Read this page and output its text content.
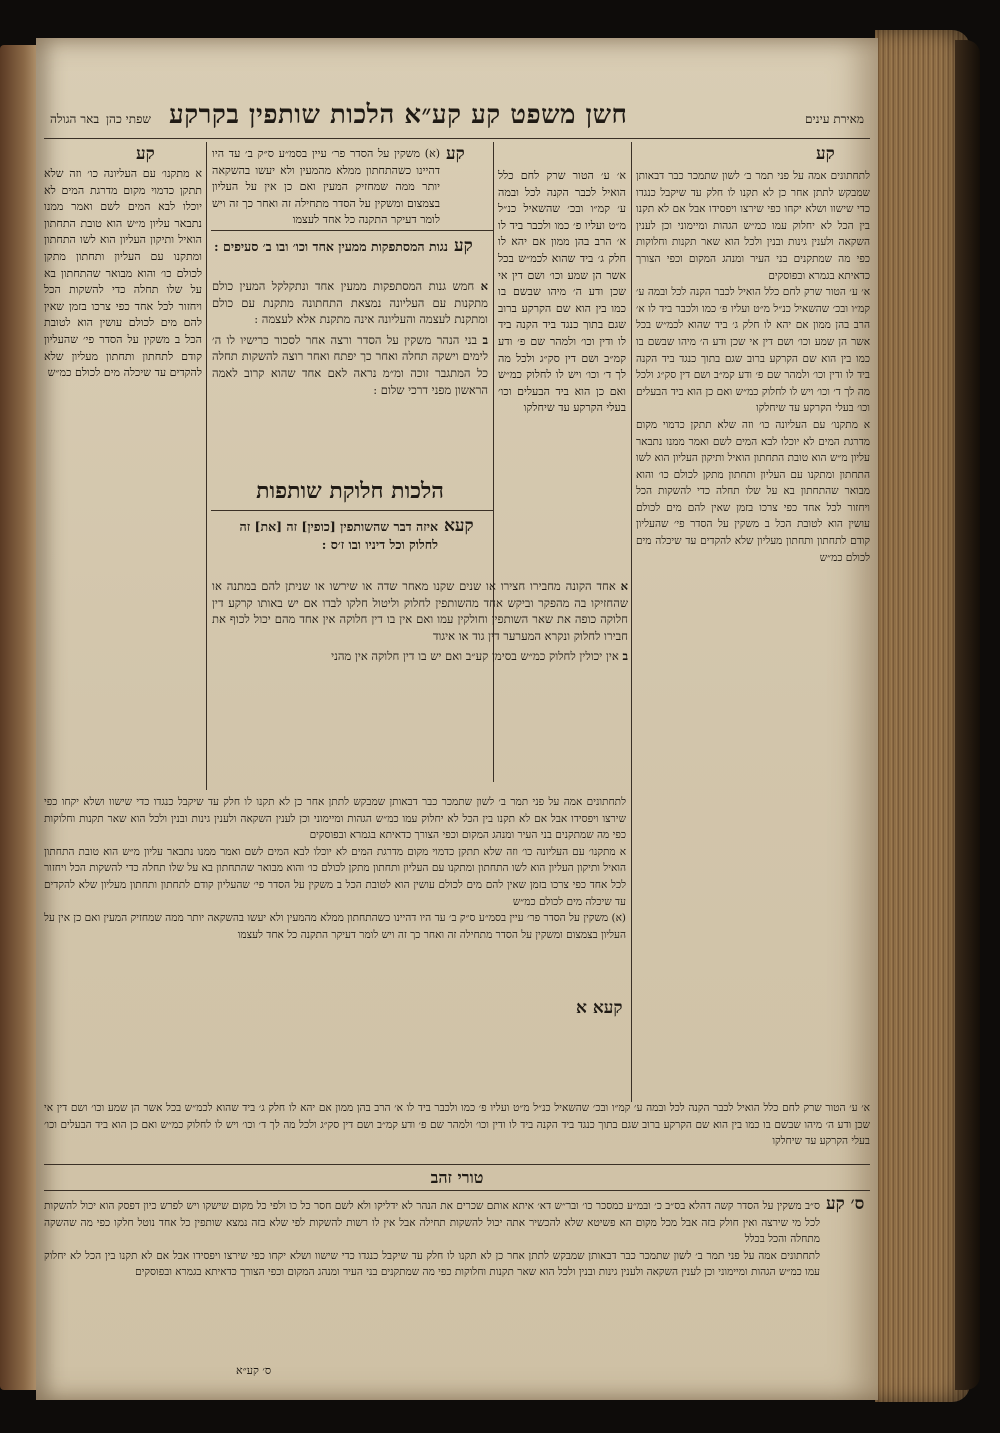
באר הגולה שפתי כהן חשן משפט קע קע״א הלכות שותפין בקרקע	מאירת עינים
קע

א מתקנו׳ עם העליונה כו׳ וזה שלא תתקן כדמוי מקום מדרגת המים לא יוכלו לבא המים לשם ואמר ממנו נתבאר עליון מ״ש הוא טובת התחתון הואיל ותיקון העליון הוא לשו התחתון ומתקנו עם העליון ותחתון מתקן לכולם כו׳ והוא מבואר שהתחתון בא על שלו תחלה כדי להשקות הכל ויחזור לכל אחד כפי צרכו בזמן שאין להם מים לכולם עושין הוא לטובת הכל ב משקין על הסדר פי׳ שהעליון קודם לתחתון ותחתון מעליון שלא להקדים עד שיכלה מים לכולם כמ״ש

קע

(א) משקין על הסדר פר׳ עיין בסמ״ע ס״ק ב׳ עד היו דהיינו כשהתחתון ממלא מהמעין ולא יעשו בהשקאה יותר ממה שמחזיק המעין ואם כן אין על העליון בצמצום ומשקין על הסדר מתחילה זה ואחר כך זה ויש לומר דעיקר התקנה כל אחד לעצמו

קע
נגות המסתפקות ממעין אחד וכו׳ ובו ב׳ סעיפים :

א חמש גנות המסתפקות ממעין אחד ונתקלקל המעין כולם מתקנות עם העליונה נמצאת התחתונה מתקנת עם כולם ומתקנת לעצמה והעליונה אינה מתקנת אלא לעצמה :

ב בני הנהר משקין על הסדר ורצה אחר לסכור כרישיו לו ה׳ לימים וישקה תחלה ואחר כך יפתח ואחר רוצה להשקות תחלה כל המתגבר זוכה ומ״מ נראה לאם אחד שהוא קרוב לאמה הראשון מפני דרכי שלום :

הלכות חלוקת שותפות
קעא
איזה דבר שהשותפין [כופין] זה [את] זה לחלוק וכל דיניו ובו ז׳ס :

א אחד הקונה מחבירו חצירו או שנים שקנו מאחר שדה או שירשו או שניתן להם במתנה או שהחזיקו בה מהפקר וביקש אחד מהשותפין לחלוק וליטול חלקו לבדו אם יש באותו קרקע דין חלוקה כופה את שאר השותפין וחולקין עמו ואם אין בו דין חלוקה אין אחד מהם יכול לכוף את חבירו לחלוק ונקרא המערער דין גוד או איגוד

ב אין יכולין לחלוק כמ״ש בסימן קע״ב ואם יש בו דין חלוקה אין מהני

קע

א׳ ע׳ הטור שרק לחם כלל הואיל לכבר הקנה לכל ובמה ע׳ קמ״ו ובכ׳ שהשאיל כנ״ל מ״ט ועליו פ׳ כמו ולכבר ביד לו א׳ הרב בהן ממון אם יהא לו חלק ג׳ ביד שהוא לכמ״ש בכל אשר הן שמע וכו׳ ושם דין אי שכן ודע ה׳ מיהו שבשם בו כמו בין הוא שם הקרקע ברוב שגם בתוך כנגד ביד הקנה ביד לו ודין וכו׳ ולמהר שם פ׳ ודע קמ״ב ושם דין סק״ג ולכל מה לך ד׳ וכו׳ ויש לו לחלוק כמ״ש ואם כן הוא ביד הבעלים וכו׳ בעלי הקרקע עד שיחלקו

לתחתונים אמה על פני תמר ב׳ לשון שתמכר כבר דבאותן שמבקש לתתן אחר כן לא תקנו לו חלק עד שיקבל כנגדו כדי שישוו ושלא יקחו כפי שירצו ויפסידו אבל אם לא תקנו בין הכל לא יחלוק עמו כמ״ש הגהות ומיימוני וכן לענין השקאה ולענין גינות ובנין ולכל הוא שאר תקנות וחלוקות כפי מה שמתקנים בני העיר ומנהג המקום וכפי הצורך כדאיתא בגמרא ובפוסקים

א׳ ע׳ הטור שרק לחם כלל הואיל לכבר הקנה לכל ובמה ע׳ קמ״ו ובכ׳ שהשאיל כנ״ל מ״ט ועליו פ׳ כמו ולכבר ביד לו א׳ הרב בהן ממון אם יהא לו חלק ג׳ ביד שהוא לכמ״ש בכל אשר הן שמע וכו׳ ושם דין אי שכן ודע ה׳ מיהו שבשם בו כמו בין הוא שם הקרקע ברוב שגם בתוך כנגד ביד הקנה ביד לו ודין וכו׳ ולמהר שם פ׳ ודע קמ״ב ושם דין סק״ג ולכל מה לך ד׳ וכו׳ ויש לו לחלוק כמ״ש ואם כן הוא ביד הבעלים וכו׳ בעלי הקרקע עד שיחלקו

א מתקנו׳ עם העליונה כו׳ וזה שלא תתקן כדמוי מקום מדרגת המים לא יוכלו לבא המים לשם ואמר ממנו נתבאר עליון מ״ש הוא טובת התחתון הואיל ותיקון העליון הוא לשו התחתון ומתקנו עם העליון ותחתון מתקן לכולם כו׳ והוא מבואר שהתחתון בא על שלו תחלה כדי להשקות הכל ויחזור לכל אחד כפי צרכו בזמן שאין להם מים לכולם עושין הוא לטובת הכל ב משקין על הסדר פי׳ שהעליון קודם לתחתון ותחתון מעליון שלא להקדים עד שיכלה מים לכולם כמ״ש

לתחתונים אמה על פני תמר ב׳ לשון שתמכר כבר דבאותן שמבקש לתתן אחר כן לא תקנו לו חלק עד שיקבל כנגדו כדי שישוו ושלא יקחו כפי שירצו ויפסידו אבל אם לא תקנו בין הכל לא יחלוק עמו כמ״ש הגהות ומיימוני וכן לענין השקאה ולענין גינות ובנין ולכל הוא שאר תקנות וחלוקות כפי מה שמתקנים בני העיר ומנהג המקום וכפי הצורך כדאיתא בגמרא ובפוסקים

א מתקנו׳ עם העליונה כו׳ וזה שלא תתקן כדמוי מקום מדרגת המים לא יוכלו לבא המים לשם ואמר ממנו נתבאר עליון מ״ש הוא טובת התחתון הואיל ותיקון העליון הוא לשו התחתון ומתקנו עם העליון ותחתון מתקן לכולם כו׳ והוא מבואר שהתחתון בא על שלו תחלה כדי להשקות הכל ויחזור לכל אחד כפי צרכו בזמן שאין להם מים לכולם עושין הוא לטובת הכל ב משקין על הסדר פי׳ שהעליון קודם לתחתון ותחתון מעליון שלא להקדים עד שיכלה מים לכולם כמ״ש

(א) משקין על הסדר פר׳ עיין בסמ״ע ס״ק ב׳ עד היו דהיינו כשהתחתון ממלא מהמעין ולא יעשו בהשקאה יותר ממה שמחזיק המעין ואם כן אין על העליון בצמצום ומשקין על הסדר מתחילה זה ואחר כך זה ויש לומר דעיקר התקנה כל אחד לעצמו

קעא א

א׳ ע׳ הטור שרק לחם כלל הואיל לכבר הקנה לכל ובמה ע׳ קמ״ו ובכ׳ שהשאיל כנ״ל מ״ט ועליו פ׳ כמו ולכבר ביד לו א׳ הרב בהן ממון אם יהא לו חלק ג׳ ביד שהוא לכמ״ש בכל אשר הן שמע וכו׳ ושם דין אי שכן ודע ה׳ מיהו שבשם בו כמו בין הוא שם הקרקע ברוב שגם בתוך כנגד ביד הקנה ביד לו ודין וכו׳ ולמהר שם פ׳ ודע קמ״ב ושם דין סק״ג ולכל מה לך ד׳ וכו׳ ויש לו לחלוק כמ״ש ואם כן הוא ביד הבעלים וכו׳ בעלי הקרקע עד שיחלקו

טורי זהב
ס׳ קע

ס״ב משקין על הסדר קשה דהלא בס״ב כ׳ ובמ״ע כמסכר כו׳ ובר״ש דא׳ איתא אותם שכרים את הנהר לא ידליקו ולא לשם חסר כל כו ולפי כל מקום שישקו ויש לפרש כיון דפסק הוא יכול להשקות לכל מי שירצה ואין חולק בזה אבל מכל מקום הא פשיטא שלא להכשיר אתה יכול להשקות תחילה אבל אין לו רשות להשקות לפי שלא בזה נמצא שותפין כל אחד נוטל חלקו כפי מה שהשקה מתחלה והכל בכלל

לתחתונים אמה על פני תמר ב׳ לשון שתמכר כבר דבאותן שמבקש לתתן אחר כן לא תקנו לו חלק עד שיקבל כנגדו כדי שישוו ושלא יקחו כפי שירצו ויפסידו אבל אם לא תקנו בין הכל לא יחלוק עמו כמ״ש הגהות ומיימוני וכן לענין השקאה ולענין גינות ובנין ולכל הוא שאר תקנות וחלוקות כפי מה שמתקנים בני העיר ומנהג המקום וכפי הצורך כדאיתא בגמרא ובפוסקים

ס׳ קע״א
